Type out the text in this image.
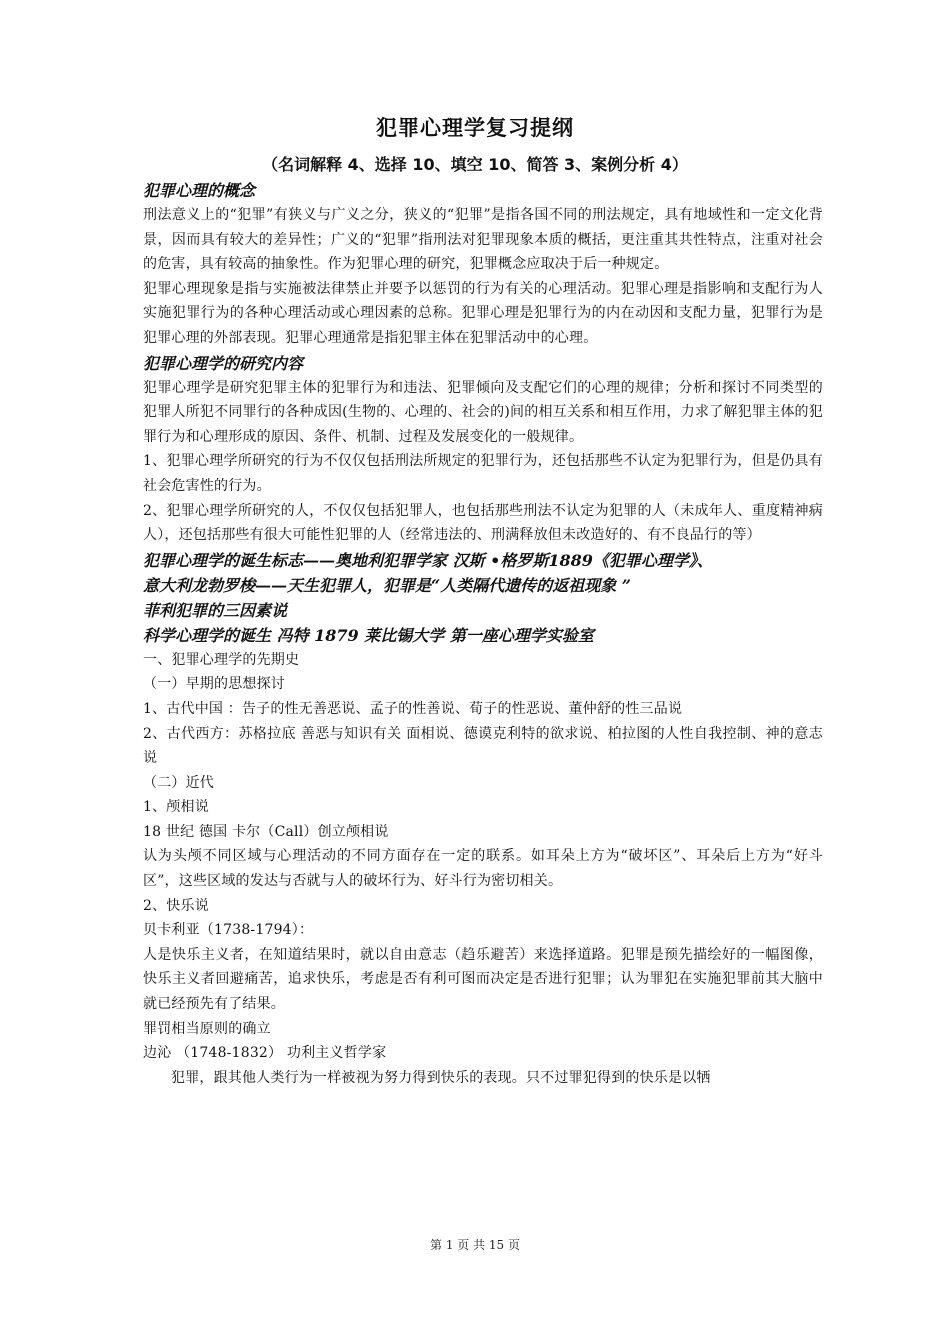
犯罪心理学复习提纲
（名词解释 4、选择 10、填空 10、简答 3、案例分析 4）

犯罪心理的概念

刑法意义上的“犯罪”有狭义与广义之分，狭义的“犯罪”是指各国不同的刑法规定，具有地域性和一定文化背景，因而具有较大的差异性；广义的“犯罪”指刑法对犯罪现象本质的概括，更注重其共性特点，注重对社会的危害，具有较高的抽象性。作为犯罪心理的研究，犯罪概念应取决于后一种规定。

犯罪心理现象是指与实施被法律禁止并要予以惩罚的行为有关的心理活动。犯罪心理是指影响和支配行为人实施犯罪行为的各种心理活动或心理因素的总称。犯罪心理是犯罪行为的内在动因和支配力量，犯罪行为是犯罪心理的外部表现。犯罪心理通常是指犯罪主体在犯罪活动中的心理。

犯罪心理学的研究内容

犯罪心理学是研究犯罪主体的犯罪行为和违法、犯罪倾向及支配它们的心理的规律；分析和探讨不同类型的犯罪人所犯不同罪行的各种成因(生物的、心理的、社会的)间的相互关系和相互作用，力求了解犯罪主体的犯罪行为和心理形成的原因、条件、机制、过程及发展变化的一般规律。

1、犯罪心理学所研究的行为不仅仅包括刑法所规定的犯罪行为，还包括那些不认定为犯罪行为，但是仍具有社会危害性的行为。

2、犯罪心理学所研究的人，不仅仅包括犯罪人，也包括那些刑法不认定为犯罪的人（未成年人、重度精神病人），还包括那些有很大可能性犯罪的人（经常违法的、刑满释放但未改造好的、有不良品行的等）

犯罪心理学的诞生标志——奥地利犯罪学家 汉斯 •格罗斯1889《犯罪心理学》、

意大利龙勃罗梭——天生犯罪人，犯罪是“人类隔代遗传的返祖现象 ”

菲利犯罪的三因素说

科学心理学的诞生 冯特 1879 莱比锡大学 第一座心理学实验室

一、犯罪心理学的先期史

（一）早期的思想探讨

1、古代中国 ：告子的性无善恶说、孟子的性善说、荀子的性恶说、董仲舒的性三品说

2、古代西方：苏格拉底 善恶与知识有关 面相说、德谟克利特的欲求说、柏拉图的人性自我控制、神的意志说

（二）近代

1、颅相说

18 世纪 德国 卡尔（Call）创立颅相说

认为头颅不同区域与心理活动的不同方面存在一定的联系。如耳朵上方为“破坏区”、耳朵后上方为“好斗区”，这些区域的发达与否就与人的破坏行为、好斗行为密切相关。

2、快乐说

贝卡利亚（1738-1794）：

人是快乐主义者，在知道结果时，就以自由意志（趋乐避苦）来选择道路。犯罪是预先描绘好的一幅图像，快乐主义者回避痛苦，追求快乐，考虑是否有利可图而决定是否进行犯罪；认为罪犯在实施犯罪前其大脑中就已经预先有了结果。

罪罚相当原则的确立

边沁 （1748-1832） 功利主义哲学家

犯罪，跟其他人类行为一样被视为努力得到快乐的表现。只不过罪犯得到的快乐是以牺

第 1 页 共 15 页
